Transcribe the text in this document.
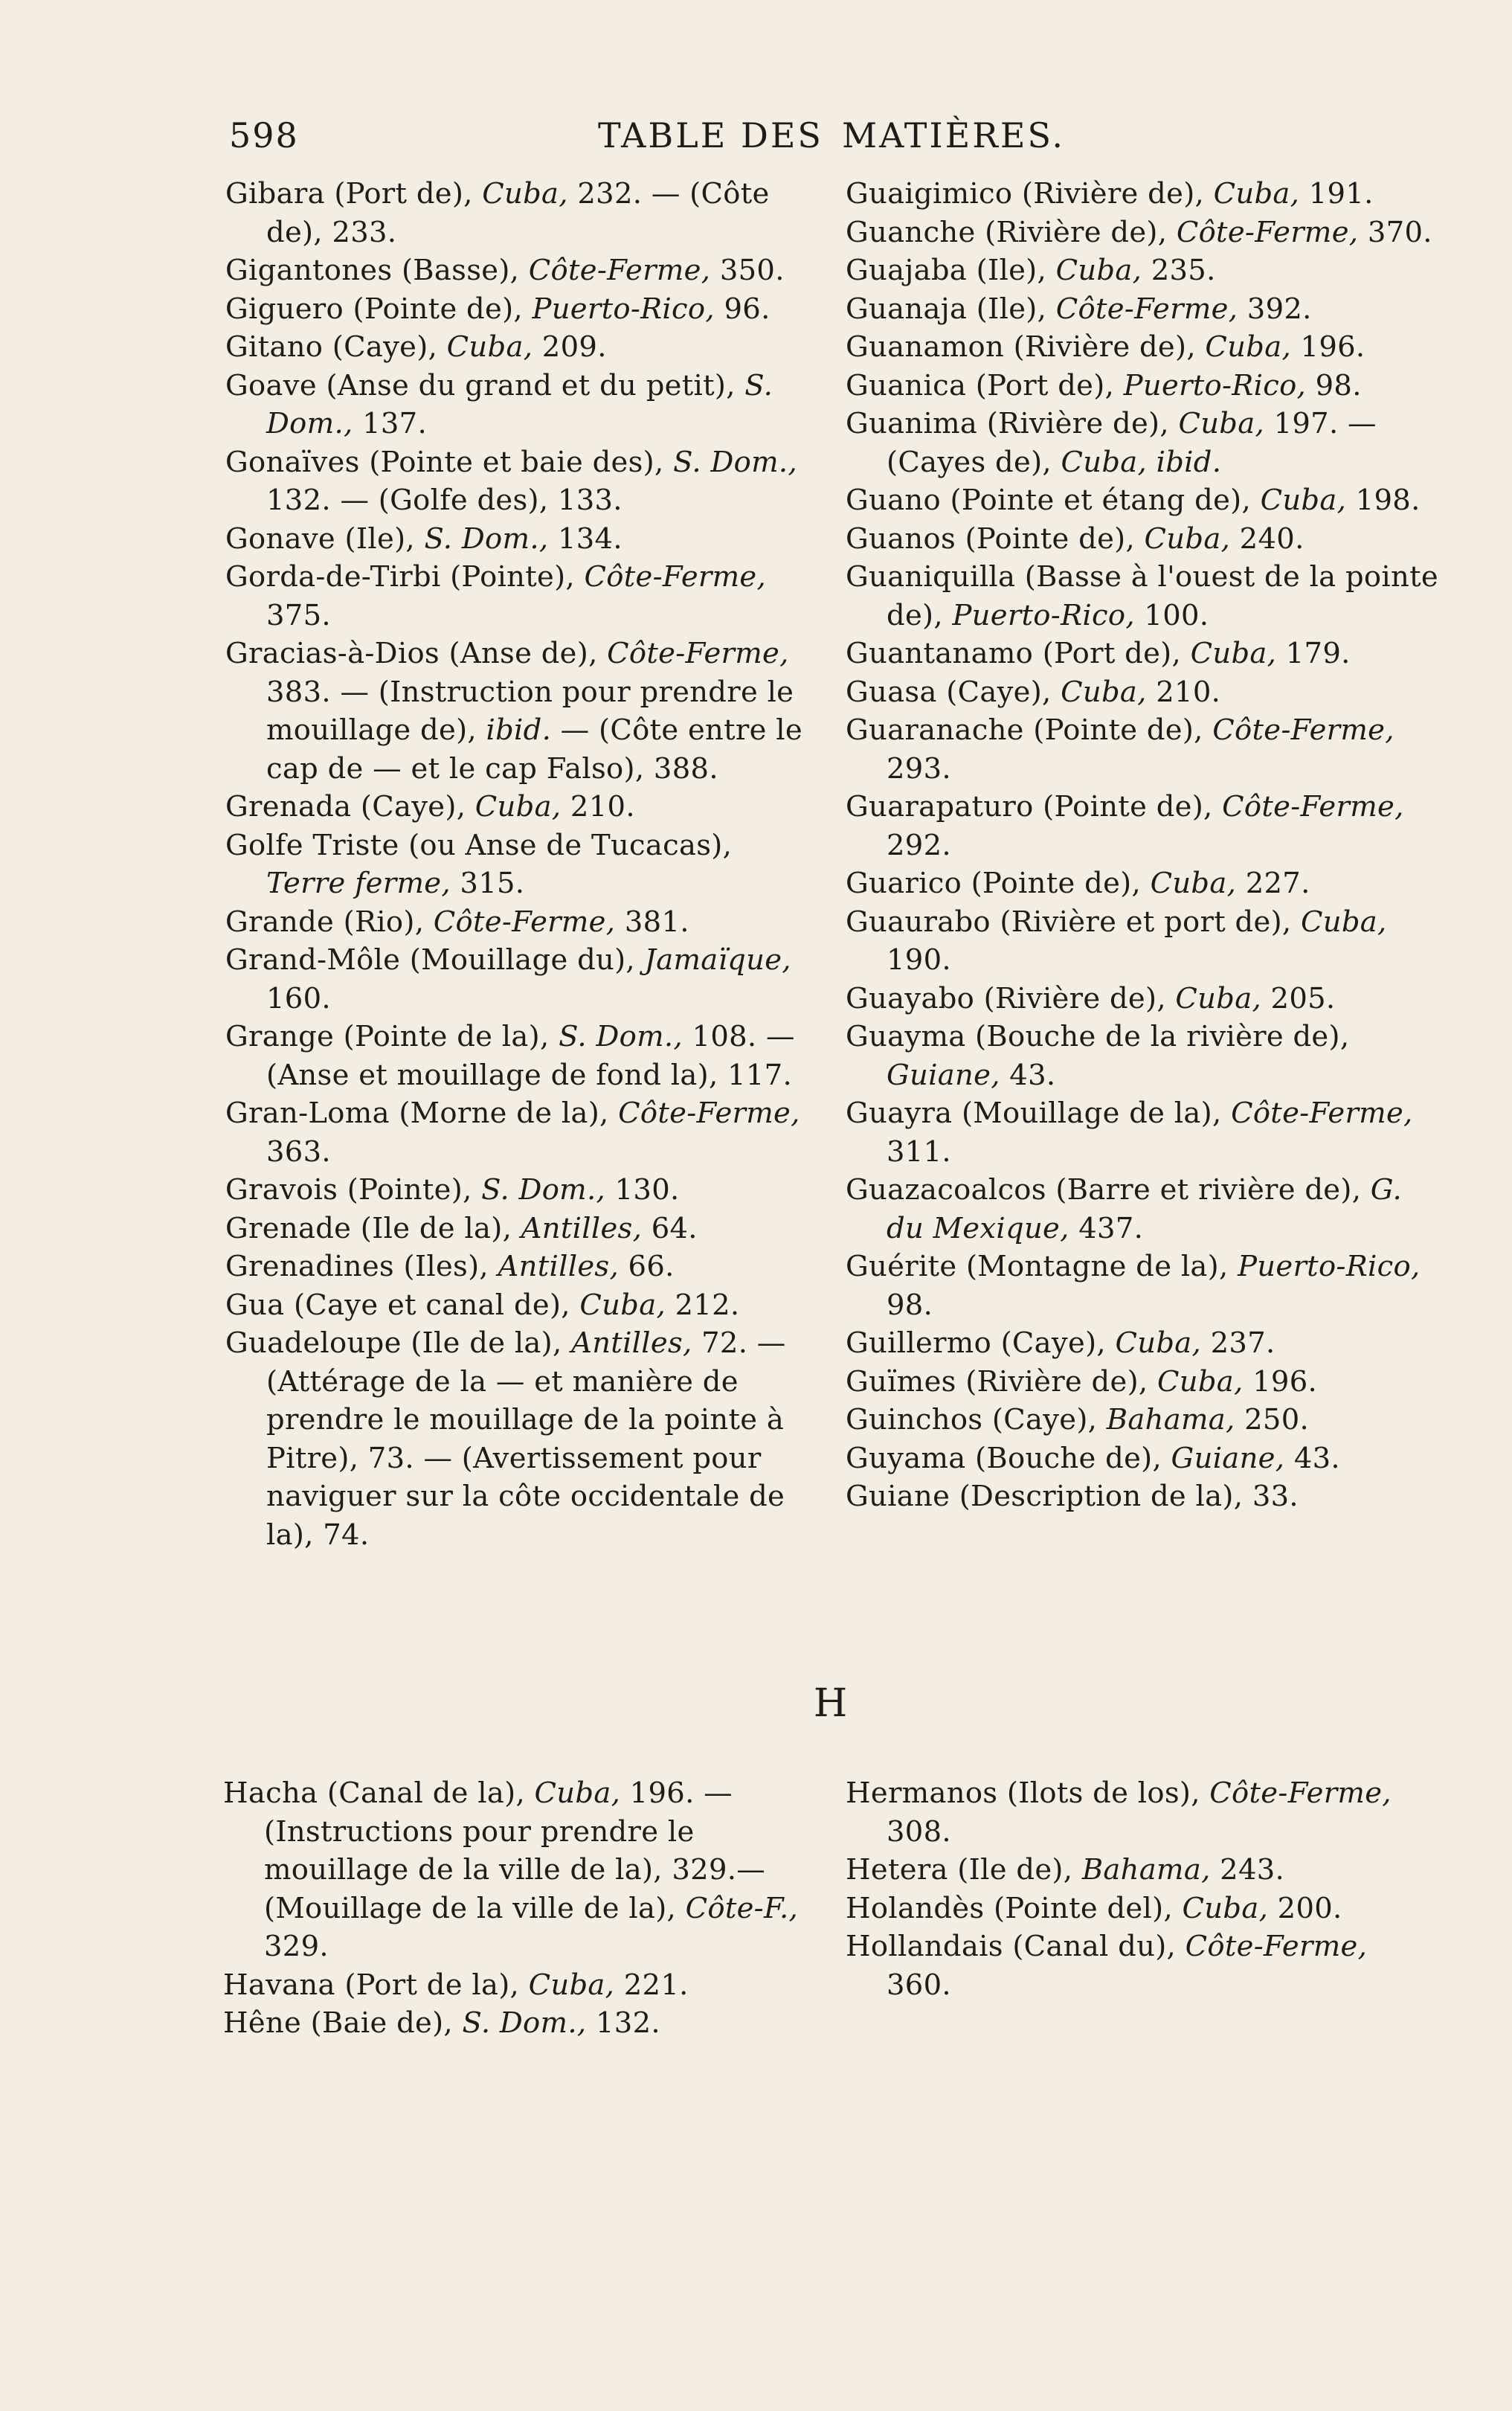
598	TABLE DES MATIÈRES.

Gibara (Port de), Cuba, 232. — (Côte de), 233.

Gigantones (Basse), Côte-Ferme, 350.

Giguero (Pointe de), Puerto-Rico, 96.

Gitano (Caye), Cuba, 209.

Goave (Anse du grand et du petit), S. Dom., 137.

Gonaïves (Pointe et baie des), S. Dom., 132. — (Golfe des), 133.

Gonave (Ile), S. Dom., 134.

Gorda-de-Tirbi (Pointe), Côte-Ferme, 375.

Gracias-à-Dios (Anse de), Côte-Ferme, 383. — (Instruction pour prendre le mouillage de), ibid. — (Côte entre le cap de — et le cap Falso), 388.

Grenada (Caye), Cuba, 210.

Golfe Triste (ou Anse de Tucacas), Terre ferme, 315.

Grande (Rio), Côte-Ferme, 381.

Grand-Môle (Mouillage du), Jamaïque, 160.

Grange (Pointe de la), S. Dom., 108. — (Anse et mouillage de fond la), 117.

Gran-Loma (Morne de la), Côte-Ferme, 363.

Gravois (Pointe), S. Dom., 130.

Grenade (Ile de la), Antilles, 64.

Grenadines (Iles), Antilles, 66.

Gua (Caye et canal de), Cuba, 212.

Guadeloupe (Ile de la), Antilles, 72. — (Attérage de la — et manière de prendre le mouillage de la pointe à Pitre), 73. — (Avertissement pour naviguer sur la côte occidentale de la), 74.

Guaigimico (Rivière de), Cuba, 191.

Guanche (Rivière de), Côte-Ferme, 370.

Guajaba (Ile), Cuba, 235.

Guanaja (Ile), Côte-Ferme, 392.

Guanamon (Rivière de), Cuba, 196.

Guanica (Port de), Puerto-Rico, 98.

Guanima (Rivière de), Cuba, 197. — (Cayes de), Cuba, ibid.

Guano (Pointe et étang de), Cuba, 198.

Guanos (Pointe de), Cuba, 240.

Guaniquilla (Basse à l'ouest de la pointe de), Puerto-Rico, 100.

Guantanamo (Port de), Cuba, 179.

Guasa (Caye), Cuba, 210.

Guaranache (Pointe de), Côte-Ferme, 293.

Guarapaturo (Pointe de), Côte-Ferme, 292.

Guarico (Pointe de), Cuba, 227.

Guaurabo (Rivière et port de), Cuba, 190.

Guayabo (Rivière de), Cuba, 205.

Guayma (Bouche de la rivière de), Guiane, 43.

Guayra (Mouillage de la), Côte-Ferme, 311.

Guazacoalcos (Barre et rivière de), G. du Mexique, 437.

Guérite (Montagne de la), Puerto-Rico, 98.

Guillermo (Caye), Cuba, 237.

Guïmes (Rivière de), Cuba, 196.

Guinchos (Caye), Bahama, 250.

Guyama (Bouche de), Guiane, 43.

Guiane (Description de la), 33.

H

Hacha (Canal de la), Cuba, 196. — (Instructions pour prendre le mouillage de la ville de la), 329.—(Mouillage de la ville de la), Côte-F., 329.

Havana (Port de la), Cuba, 221.

Hêne (Baie de), S. Dom., 132.

Hermanos (Ilots de los), Côte-Ferme, 308.

Hetera (Ile de), Bahama, 243.

Holandès (Pointe del), Cuba, 200.

Hollandais (Canal du), Côte-Ferme, 360.
